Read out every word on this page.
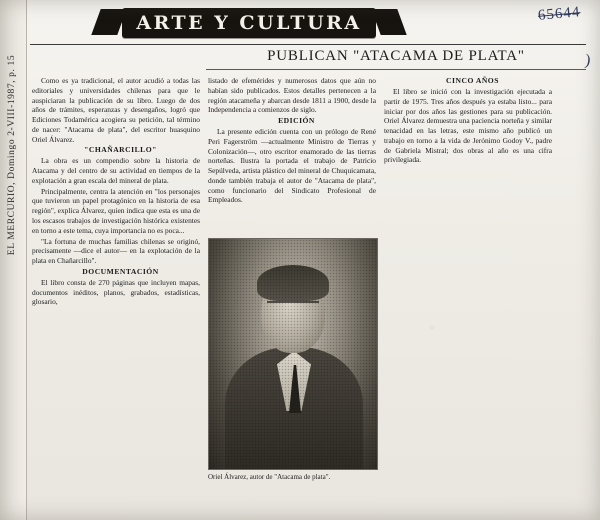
EL MERCURIO, Domingo 2-VIII-1987, p. 15
ARTE Y CULTURA	65644
PUBLICAN "ATACAMA DE PLATA"	)

Como es ya tradicional, el autor acudió a todas las editoriales y universidades chilenas para que le auspiciaran la publicación de su libro. Luego de dos años de trámites, esperanzas y desengaños, logró que Ediciones Todamérica acogiera su petición, tal término de nacer: "Atacama de plata", del escritor huasquino Oriel Álvarez.

"CHAÑARCILLO"

La obra es un compendio sobre la historia de Atacama y del centro de su actividad en tiempos de la explotación a gran escala del mineral de plata.

Principalmente, centra la atención en "los personajes que tuvieron un papel protagónico en la historia de esa región", explica Álvarez, quien indica que esta es una de los escasos trabajos de investigación histórica existentes en torno a este tema, cuya importancia no es poca...

"La fortuna de muchas familias chilenas se originó, precisamente —dice el autor— en la explotación de la plata en Chañarcillo".

DOCUMENTACIÓN

El libro consta de 270 páginas que incluyen mapas, documentos inéditos, planos, grabados, estadísticas, glosario,

listado de efemérides y numerosos datos que aún no habían sido publicados. Estos detalles pertenecen a la región atacameña y abarcan desde 1811 a 1900, desde la Independencia a comienzos de siglo.

EDICIÓN

La presente edición cuenta con un prólogo de René Peri Fagerström —actualmente Ministro de Tierras y Colonización—, otro escritor enamorado de las tierras norteñas. Ilustra la portada el trabajo de Patricio Sepúlveda, artista plástico del mineral de Chuquicamata, donde también trabaja el autor de "Atacama de plata", como funcionario del Sindicato Profesional de Empleados.

CINCO AÑOS

El libro se inició con la investigación ejecutada a partir de 1975. Tres años después ya estaba listo... para iniciar por dos años las gestiones para su publicación. Oriel Álvarez demuestra una paciencia norteña y similar tenacidad en las letras, este mismo año publicó un trabajo en torno a la vida de Jerónimo Godoy V., padre de Gabriela Mistral; dos obras al año es una cifra privilegiada.

Oriel Álvarez, autor de "Atacama de plata".
